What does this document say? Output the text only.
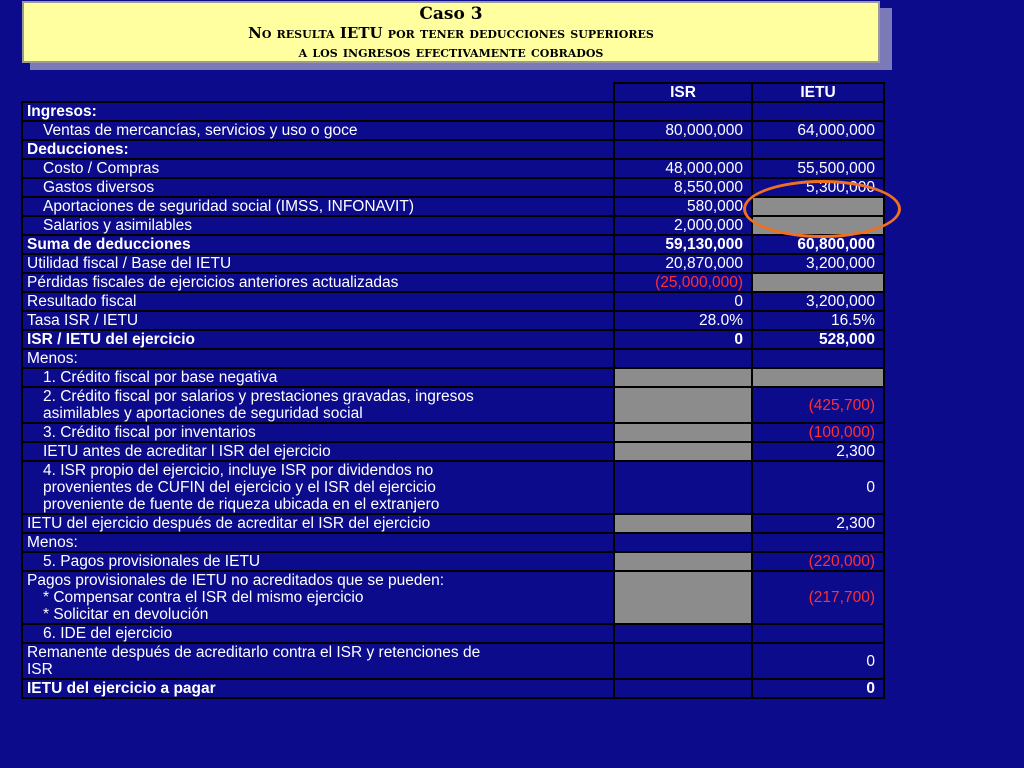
Caso 3
No resulta IETU por tener deducciones superiores
a los ingresos efectivamente cobrados
	ISR	IETU
Ingresos:		
Ventas de mercancías, servicios y uso o goce	80,000,000	64,000,000
Deducciones:		
Costo / Compras	48,000,000	55,500,000
Gastos diversos	8,550,000	5,300,000
Aportaciones de seguridad social (IMSS, INFONAVIT)	580,000	
Salarios y asimilables	2,000,000	
Suma de deducciones	59,130,000	60,800,000
Utilidad fiscal / Base del IETU	20,870,000	3,200,000
Pérdidas fiscales de ejercicios anteriores actualizadas	(25,000,000)	
Resultado fiscal	0	3,200,000
Tasa ISR / IETU	28.0%	16.5%
ISR / IETU del ejercicio	0	528,000
Menos:		
1. Crédito fiscal por base negativa		

2. Crédito fiscal por salarios y prestaciones gravadas, ingresos
asimilables y aportaciones de seguridad social		(425,700)
3. Crédito fiscal por inventarios		(100,000)
IETU antes de acreditar l ISR del ejercicio		2,300

4. ISR propio del ejercicio, incluye ISR por dividendos no
provenientes de CUFIN del ejercicio y el ISR del ejercicio
proveniente de fuente de riqueza ubicada en el extranjero		0
IETU del ejercicio después de acreditar el ISR del ejercicio		2,300
Menos:		
5. Pagos provisionales de IETU		(220,000)

Pagos provisionales de IETU no acreditados que se pueden:
* Compensar contra el ISR del mismo ejercicio
* Solicitar en devolución		(217,700)
6. IDE del ejercicio		

Remanente después de acreditarlo contra el ISR y retenciones de
ISR		0
IETU del ejercicio a pagar		0
